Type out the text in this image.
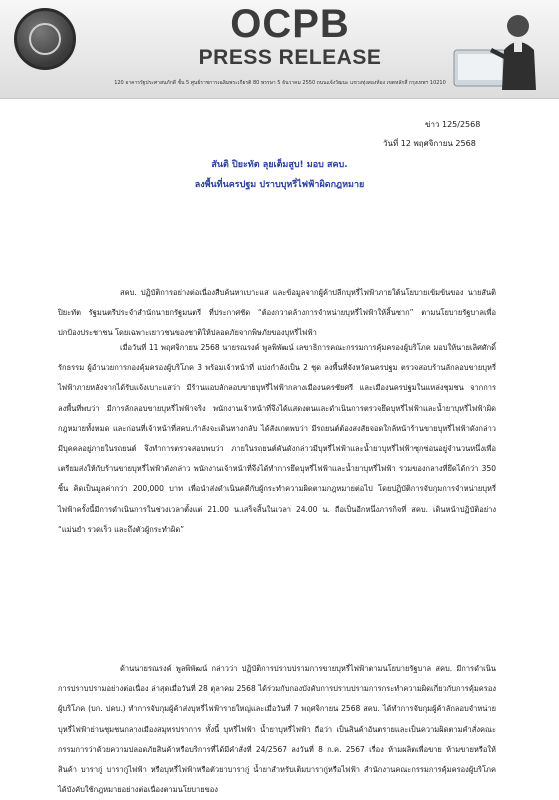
OCPB
PRESS RELEASE
120 อาคารรัฐประศาสนภักดี ชั้น 5 ศูนย์ราชการเฉลิมพระเกียรติ 80 พรรษา 5 ธันวาคม 2550 ถนนแจ้งวัฒนะ แขวงทุ่งสองห้อง เขตหลักสี่ กรุงเทพฯ 10210

ข่าว 125/2568

วันที่ 12 พฤศจิกายน 2568

สันติ ปิยะทัต ลุยเต็มสูบ! มอบ สคบ.
ลงพื้นที่นครปฐม ปราบบุหรี่ไฟฟ้าผิดกฎหมาย

สคบ. ปฏิบัติการอย่างต่อเนื่องสืบค้นหาเบาะแส และข้อมูลจากผู้ค้าปลีกบุหรี่ไฟฟ้าภายใต้นโยบายเข้มข้นของ นายสันติ ปิยะทัต รัฐมนตรีประจำสำนักนายกรัฐมนตรี ที่ประกาศชัด “ต้องกวาดล้างการจำหน่ายบุหรี่ไฟฟ้าให้สิ้นซาก” ตามนโยบายรัฐบาลเพื่อปกป้องประชาชน โดยเฉพาะเยาวชนของชาติให้ปลอดภัยจากพิษภัยของบุหรี่ไฟฟ้า

เมื่อวันที่ 11 พฤศจิกายน 2568 นายรณรงค์ พูลพิพัฒน์ เลขาธิการคณะกรรมการคุ้มครองผู้บริโภค มอบให้นายเลิศศักดิ์ รักธรรม ผู้อำนวยการกองคุ้มครองผู้บริโภค 3 พร้อมเจ้าหน้าที่ แบ่งกำลังเป็น 2 ชุด ลงพื้นที่จังหวัดนครปฐม ตรวจสอบร้านลักลอบขายบุหรี่ไฟฟ้าภายหลังจากได้รับแจ้งเบาะแสว่า มีร้านแอบลักลอบขายบุหรี่ไฟฟ้ากลางเมืองนครชัยศรี และเมืองนครปฐมในแหล่งชุมชน จากการลงพื้นที่พบว่า มีการลักลอบขายบุหรี่ไฟฟ้าจริง พนักงานเจ้าหน้าที่จึงได้แสดงตนและดำเนินการตรวจยึดบุหรี่ไฟฟ้าและน้ำยาบุหรี่ไฟฟ้าผิดกฎหมายทั้งหมด และก่อนที่เจ้าหน้าที่สคบ.กำลังจะเดินทางกลับ ได้สังเกตพบว่า มีรถยนต์ต้องสงสัยจอดใกล้หน้าร้านขายบุหรี่ไฟฟ้าดังกล่าว มีบุคคลอยู่ภายในรถยนต์ จึงทำการตรวจสอบพบว่า ภายในรถยนต์คันดังกล่าวมีบุหรี่ไฟฟ้าและน้ำยาบุหรี่ไฟฟ้าซุกซ่อนอยู่จำนวนหนึ่งเพื่อเตรียมส่งให้กับร้านขายบุหรี่ไฟฟ้าดังกล่าว พนักงานเจ้าหน้าที่จึงได้ทำการยึดบุหรี่ไฟฟ้าและน้ำยาบุหรี่ไฟฟ้า รวมของกลางที่ยึดได้กว่า 350 ชิ้น คิดเป็นมูลค่ากว่า 200,000 บาท เพื่อนำส่งดำเนินคดีกับผู้กระทำความผิดตามกฎหมายต่อไป โดยปฏิบัติการจับกุมการจำหน่ายบุหรี่ไฟฟ้าครั้งนี้มีการดำเนินการในช่วงเวลาตั้งแต่ 21.00 น.เสร็จสิ้นในเวลา 24.00 น. ถือเป็นอีกหนึ่งภารกิจที่ สคบ. เดินหน้าปฏิบัติอย่าง “แม่นยำ รวดเร็ว และถึงตัวผู้กระทำผิด”

ด้านนายรณรงค์ พูลพิพัฒน์ กล่าวว่า ปฏิบัติการปราบปรามการขายบุหรี่ไฟฟ้าตามนโยบายรัฐบาล สคบ. มีการดำเนินการปราบปรามอย่างต่อเนื่อง ล่าสุดเมื่อวันที่ 28 ตุลาคม 2568 ได้ร่วมกับกองบังคับการปราบปรามการกระทำความผิดเกี่ยวกับการคุ้มครองผู้บริโภค (บก. ปคบ.) ทำการจับกุมผู้ค้าส่งบุหรี่ไฟฟ้ารายใหญ่และเมื่อวันที่ 7 พฤศจิกายน 2568 สคบ. ได้ทำการจับกุมผู้ค้าลักลอบจำหน่ายบุหรี่ไฟฟ้าย่านชุมชนกลางเมืองสมุทรปราการ ทั้งนี้ บุหรี่ไฟฟ้า น้ำยาบุหรี่ไฟฟ้า ถือว่า เป็นสินค้าอันตรายและเป็นความผิดตามคำสั่งคณะกรรมการว่าด้วยความปลอดภัยสินค้าหรือบริการที่ได้มีคำสั่งที่ 24/2567 ลงวันที่ 8 ก.ค. 2567 เรื่อง ห้ามผลิตเพื่อขาย ห้ามขายหรือให้สินค้า บารากู่ บารากู่ไฟฟ้า หรือบุหรี่ไฟฟ้าหรือตัวยาบารากู่ น้ำยาสำหรับเติมบารากู่หรือไฟฟ้า สำนักงานคณะกรรมการคุ้มครองผู้บริโภคได้บังคับใช้กฎหมายอย่างต่อเนื่องตามนโยบายของ
